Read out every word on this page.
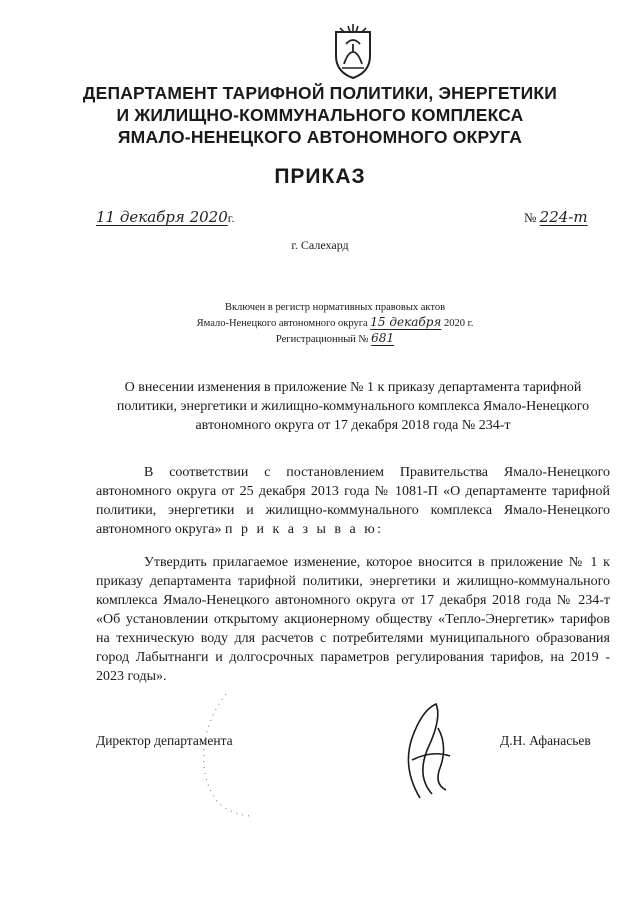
ДЕПАРТАМЕНТ ТАРИФНОЙ ПОЛИТИКИ, ЭНЕРГЕТИКИ
И ЖИЛИЩНО-КОММУНАЛЬНОГО КОМПЛЕКСА
ЯМАЛО-НЕНЕЦКОГО АВТОНОМНОГО ОКРУГА
ПРИКАЗ
11 декабря 2020г.	№ 224-т
г. Салехард
Включен в регистр нормативных правовых актов
Ямало-Ненецкого автономного округа 15 декабря 2020 г.
Регистрационный № 681
О внесении изменения в приложение № 1 к приказу департамента тарифной политики, энергетики и жилищно-коммунального комплекса Ямало-Ненецкого автономного округа от 17 декабря 2018 года № 234-т
В соответствии с постановлением Правительства Ямало-Ненецкого автономного округа от 25 декабря 2013 года № 1081-П «О департаменте тарифной политики, энергетики и жилищно-коммунального комплекса Ямало-Ненецкого автономного округа» п р и к а з ы в а ю:
Утвердить прилагаемое изменение, которое вносится в приложение № 1 к приказу департамента тарифной политики, энергетики и жилищно-коммунального комплекса Ямало-Ненецкого автономного округа от 17 декабря 2018 года № 234-т «Об установлении открытому акционерному обществу «Тепло-Энергетик» тарифов на техническую воду для расчетов с потребителями муниципального образования город Лабытнанги и долгосрочных параметров регулирования тарифов, на 2019 - 2023 годы».
Директор департамента	Д.Н. Афанасьев
